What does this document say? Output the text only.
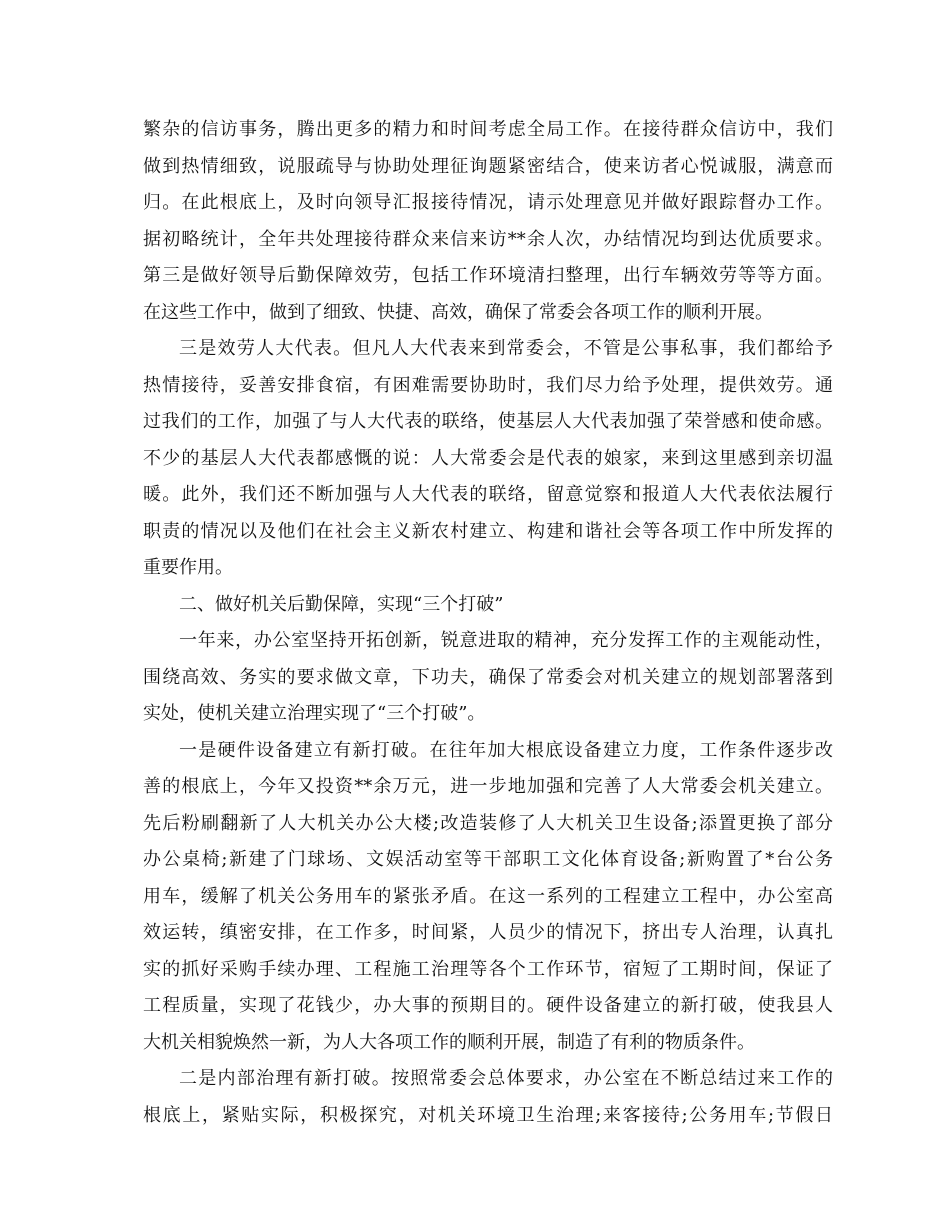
繁杂的信访事务，腾出更多的精力和时间考虑全局工作。在接待群众信访中，我们
做到热情细致，说服疏导与协助处理征询题紧密结合，使来访者心悦诚服，满意而
归。在此根底上，及时向领导汇报接待情况，请示处理意见并做好跟踪督办工作。
据初略统计，全年共处理接待群众来信来访**余人次，办结情况均到达优质要求。
第三是做好领导后勤保障效劳，包括工作环境清扫整理，出行车辆效劳等等方面。
在这些工作中，做到了细致、快捷、高效，确保了常委会各项工作的顺利开展。
三是效劳人大代表。但凡人大代表来到常委会，不管是公事私事，我们都给予
热情接待，妥善安排食宿，有困难需要协助时，我们尽力给予处理，提供效劳。通
过我们的工作，加强了与人大代表的联络，使基层人大代表加强了荣誉感和使命感。
不少的基层人大代表都感慨的说：人大常委会是代表的娘家，来到这里感到亲切温
暖。此外，我们还不断加强与人大代表的联络，留意觉察和报道人大代表依法履行
职责的情况以及他们在社会主义新农村建立、构建和谐社会等各项工作中所发挥的
重要作用。
二、做好机关后勤保障，实现“三个打破”
一年来，办公室坚持开拓创新，锐意进取的精神，充分发挥工作的主观能动性，
围绕高效、务实的要求做文章，下功夫，确保了常委会对机关建立的规划部署落到
实处，使机关建立治理实现了“三个打破”。
一是硬件设备建立有新打破。在往年加大根底设备建立力度，工作条件逐步改
善的根底上，今年又投资**余万元，进一步地加强和完善了人大常委会机关建立。
先后粉刷翻新了人大机关办公大楼;改造装修了人大机关卫生设备;添置更换了部分
办公桌椅;新建了门球场、文娱活动室等干部职工文化体育设备;新购置了*台公务
用车，缓解了机关公务用车的紧张矛盾。在这一系列的工程建立工程中，办公室高
效运转，缜密安排，在工作多，时间紧，人员少的情况下，挤出专人治理，认真扎
实的抓好采购手续办理、工程施工治理等各个工作环节，宿短了工期时间，保证了
工程质量，实现了花钱少，办大事的预期目的。硬件设备建立的新打破，使我县人
大机关相貌焕然一新，为人大各项工作的顺利开展，制造了有利的物质条件。
二是内部治理有新打破。按照常委会总体要求，办公室在不断总结过来工作的
根底上，紧贴实际，积极探究，对机关环境卫生治理;来客接待;公务用车;节假日
